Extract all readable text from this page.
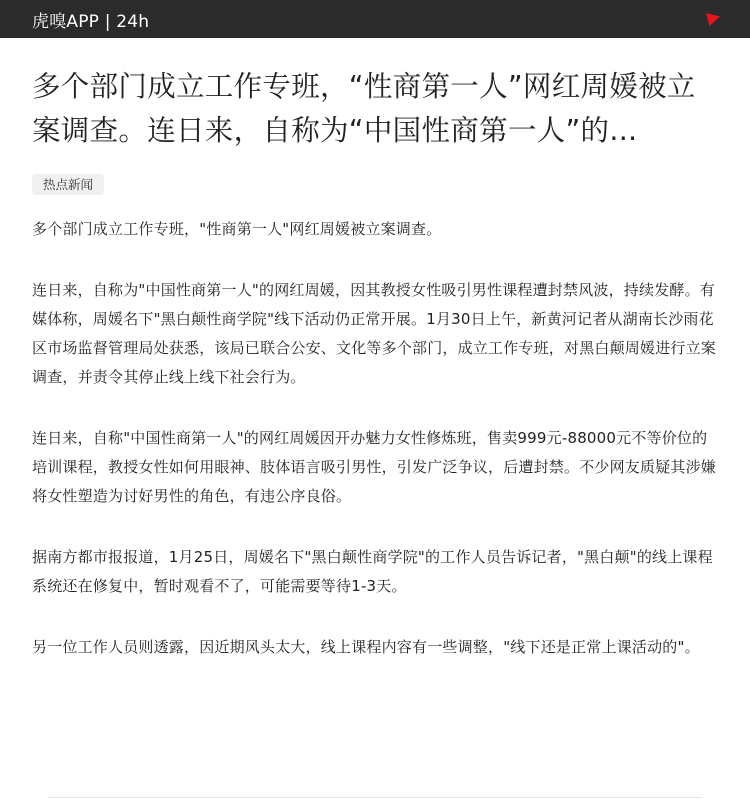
虎嗅APP | 24h
多个部门成立工作专班，“性商第一人”网红周媛被立案调查。连日来，自称为“中国性商第一人”的...
热点新闻

多个部门成立工作专班，"性商第一人"网红周媛被立案调查。

连日来，自称为"中国性商第一人"的网红周媛，因其教授女性吸引男性课程遭封禁风波，持续发酵。有媒体称，周媛名下"黑白颠性商学院"线下活动仍正常开展。1月30日上午，新黄河记者从湖南长沙雨花区市场监督管理局处获悉，该局已联合公安、文化等多个部门，成立工作专班，对黑白颠周媛进行立案调查，并责令其停止线上线下社会行为。

连日来，自称"中国性商第一人"的网红周媛因开办魅力女性修炼班，售卖999元-88000元不等价位的培训课程，教授女性如何用眼神、肢体语言吸引男性，引发广泛争议，后遭封禁。不少网友质疑其涉嫌将女性塑造为讨好男性的角色，有违公序良俗。

据南方都市报报道，1月25日，周媛名下"黑白颠性商学院"的工作人员告诉记者，"黑白颠"的线上课程系统还在修复中，暂时观看不了，可能需要等待1-3天。

另一位工作人员则透露，因近期风头太大，线上课程内容有一些调整，"线下还是正常上课活动的"。
